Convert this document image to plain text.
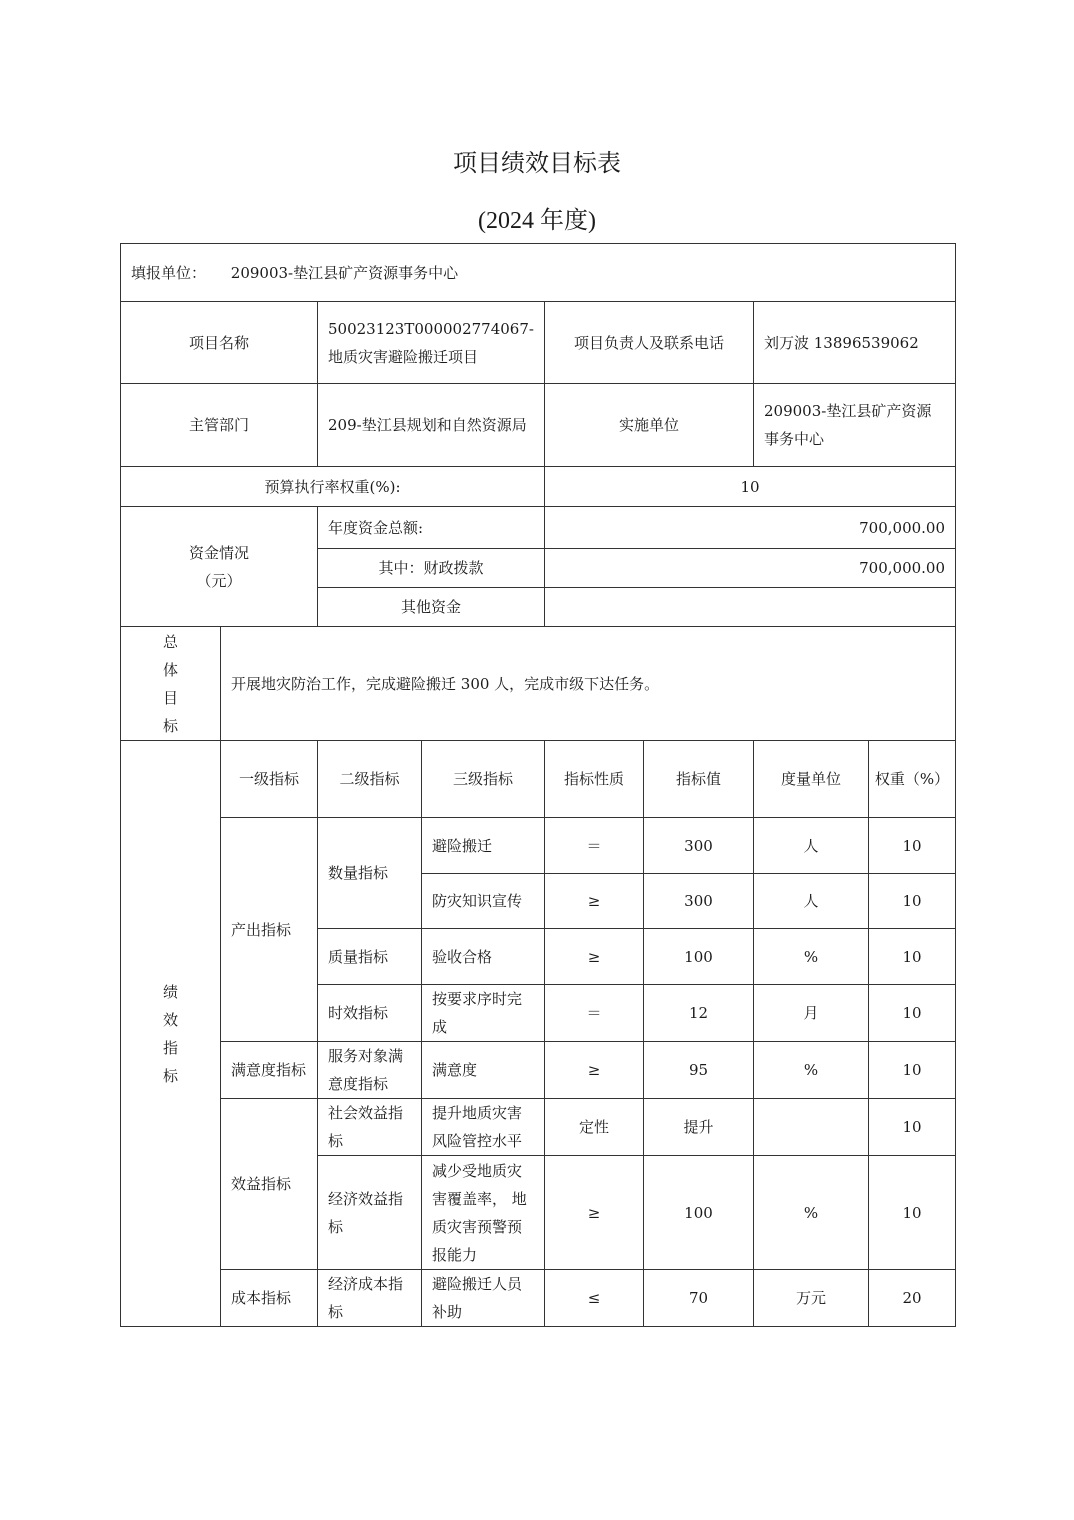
项目绩效目标表
(2024 年度)
填报单位： 209003-垫江县矿产资源事务中心							
项目名称		50023123T000002774067-地质灾害避险搬迁项目		项目负责人及联系电话		刘万波 13896539062	
主管部门		209-垫江县规划和自然资源局		实施单位		209003-垫江县矿产资源事务中心	
预算执行率权重(%):				10			

资金情况
（元）		年度资金总额:		700,000.00			
		其中：财政拨款		700,000.00			
		其他资金					

总
体
目
标	开展地灾防治工作，完成避险搬迁 300 人，完成市级下达任务。						

绩
效
指
标	一级指标	二级指标	三级指标	指标性质	指标值	度量单位	权重（%）
	产出指标	数量指标	避险搬迁	＝	300	人	10
			防灾知识宣传	≥	300	人	10
		质量指标	验收合格	≥	100	%	10
		时效指标	按要求序时完成	＝	12	月	10
	满意度指标	服务对象满意度指标	满意度	≥	95	%	10
	效益指标	社会效益指标	提升地质灾害风险管控水平	定性	提升		10
		经济效益指标	减少受地质灾害覆盖率， 地质灾害预警预报能力	≥	100	%	10
	成本指标	经济成本指标	避险搬迁人员补助	≤	70	万元	20
